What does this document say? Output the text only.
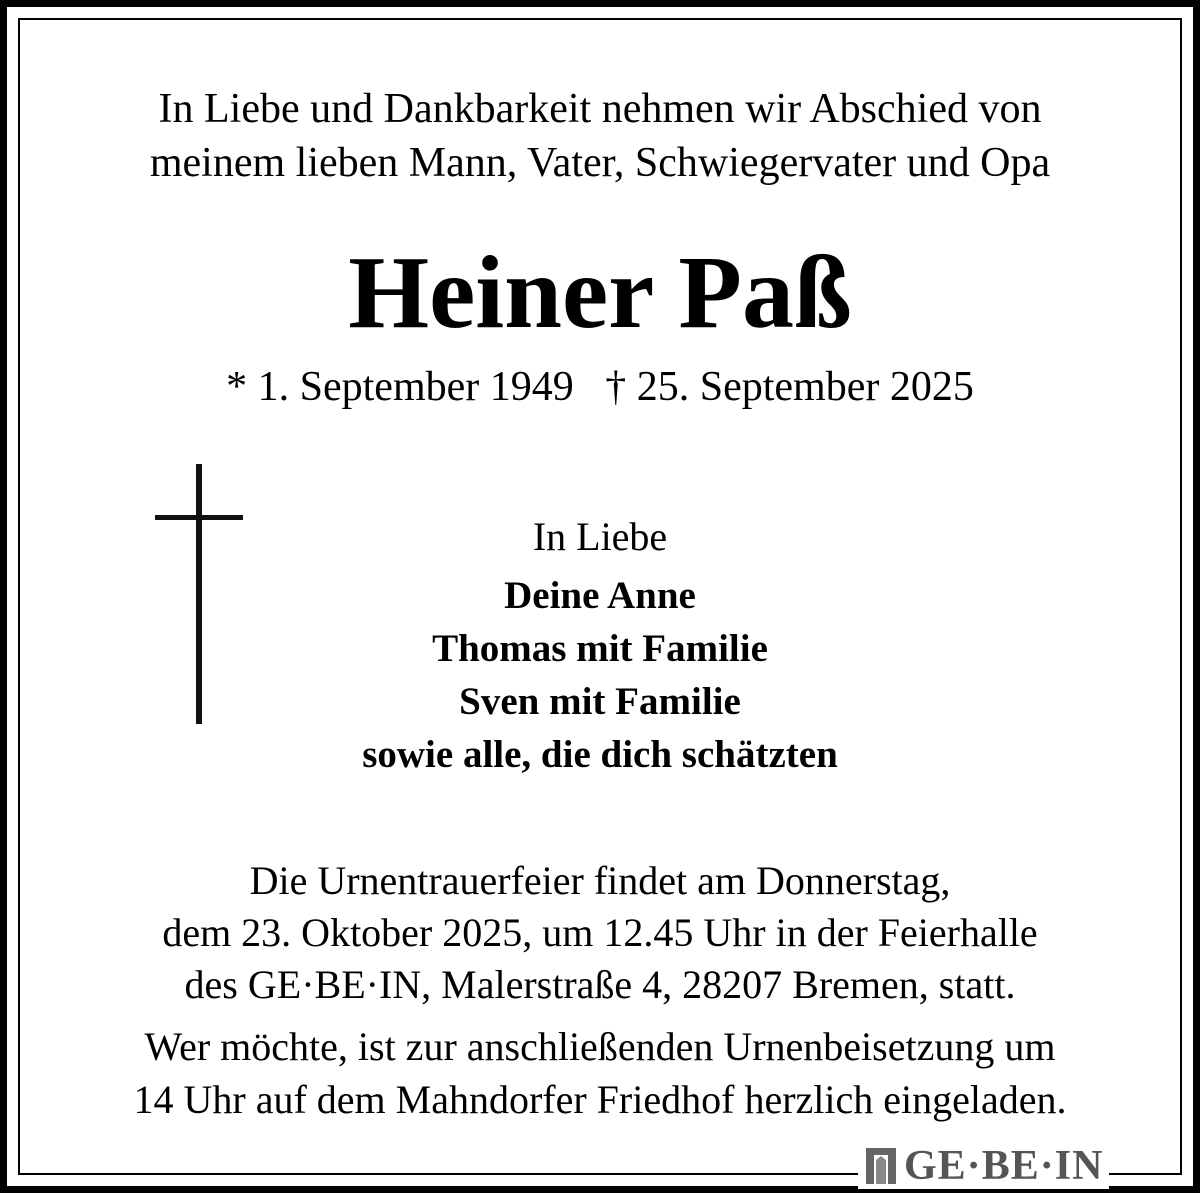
In Liebe und Dankbarkeit nehmen wir Abschied von
meinem lieben Mann, Vater, Schwiegervater und Opa
Heiner Paß
* 1. September 1949   † 25. September 2025
In Liebe
Deine Anne
Thomas mit Familie
Sven mit Familie
sowie alle, die dich schätzten
Die Urnentrauerfeier findet am Donnerstag,
dem 23. Oktober 2025, um 12.45 Uhr in der Feierhalle
des GE·BE·IN, Malerstraße 4, 28207 Bremen, statt.
Wer möchte, ist zur anschließenden Urnenbeisetzung um
14 Uhr auf dem Mahndorfer Friedhof herzlich eingeladen.
GE·BE·IN
